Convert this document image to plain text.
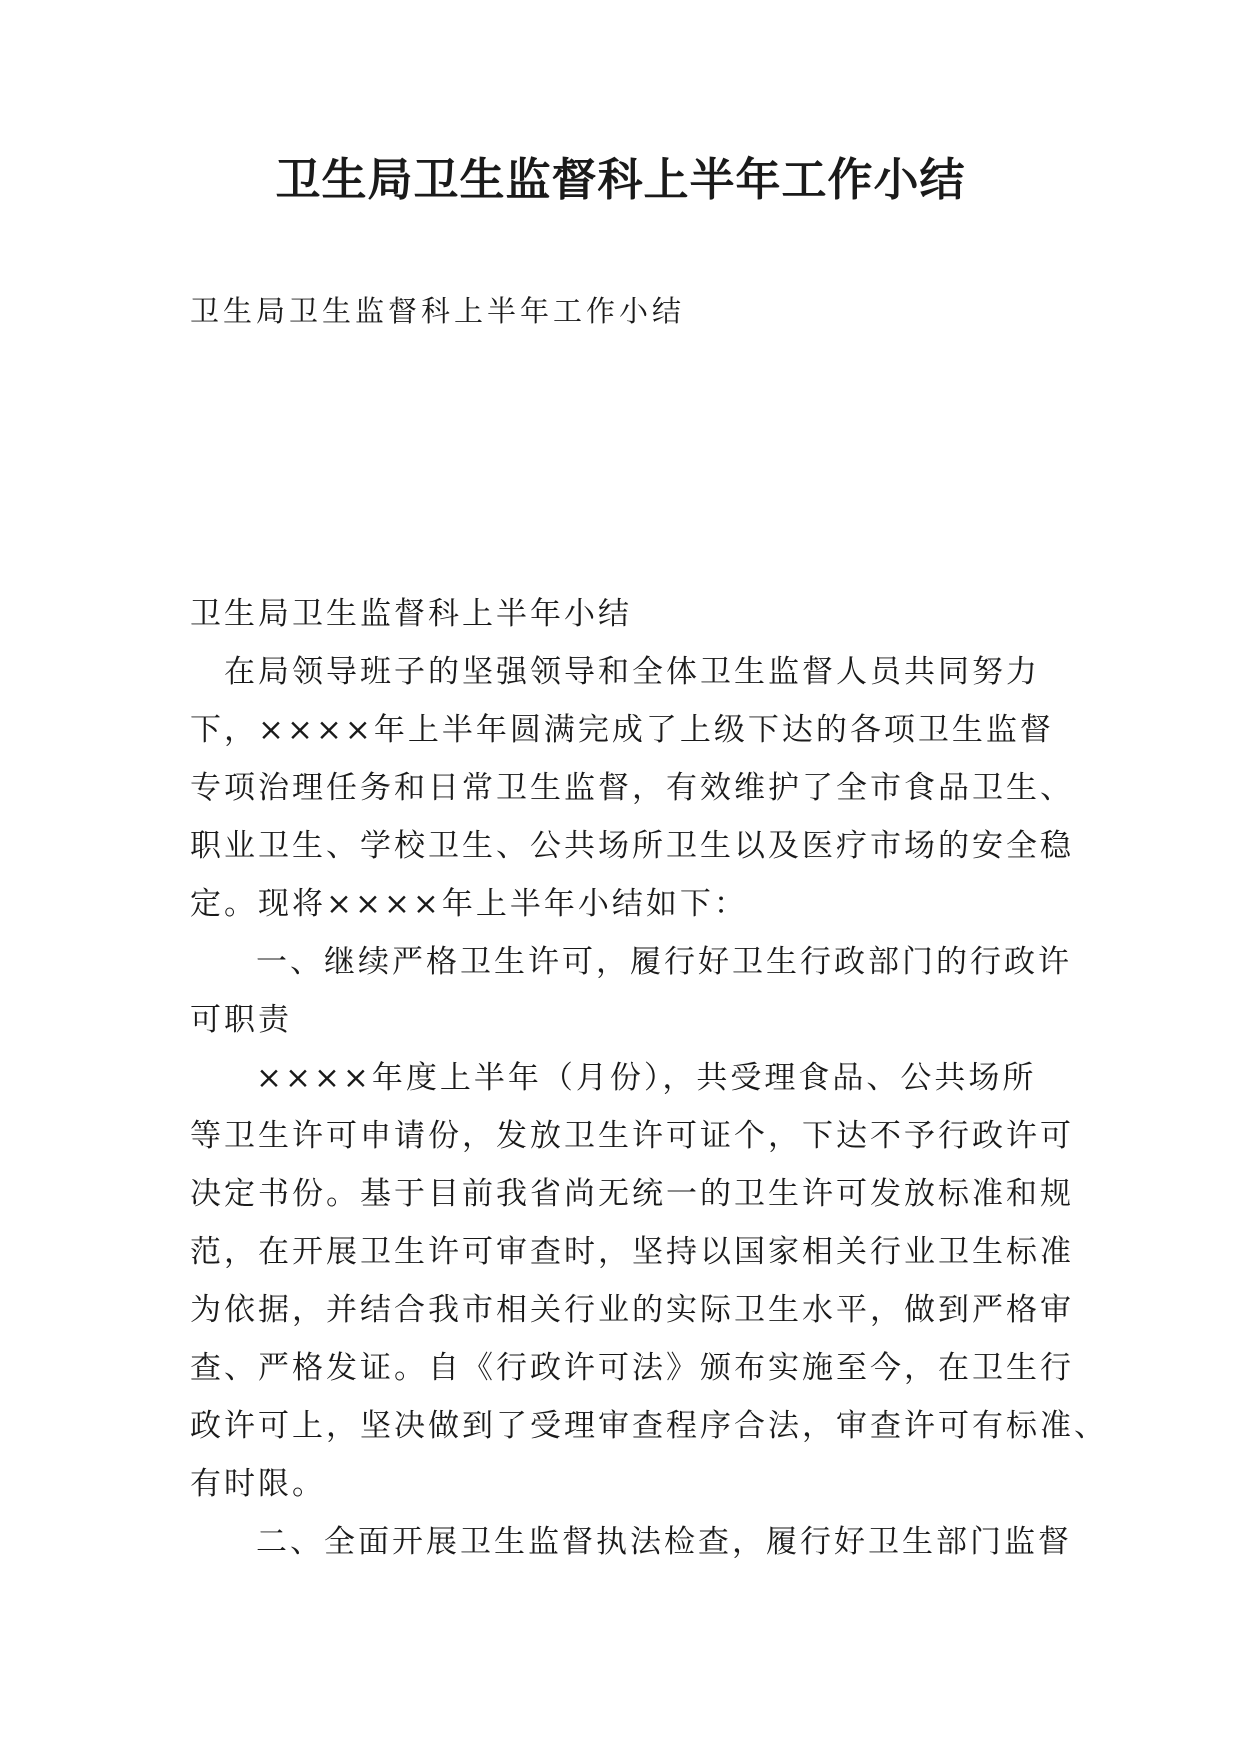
卫生局卫生监督科上半年工作小结

卫生局卫生监督科上半年工作小结

卫生局卫生监督科上半年小结

在局领导班子的坚强领导和全体卫生监督人员共同努力

下，××××年上半年圆满完成了上级下达的各项卫生监督

专项治理任务和日常卫生监督，有效维护了全市食品卫生、

职业卫生、学校卫生、公共场所卫生以及医疗市场的安全稳

定。现将××××年上半年小结如下：

一、继续严格卫生许可，履行好卫生行政部门的行政许

可职责

××××年度上半年（月份），共受理食品、公共场所

等卫生许可申请份，发放卫生许可证个，下达不予行政许可

决定书份。基于目前我省尚无统一的卫生许可发放标准和规

范，在开展卫生许可审查时，坚持以国家相关行业卫生标准

为依据，并结合我市相关行业的实际卫生水平，做到严格审

查、严格发证。自《行政许可法》颁布实施至今，在卫生行

政许可上，坚决做到了受理审查程序合法，审查许可有标准、

有时限。

二、全面开展卫生监督执法检查，履行好卫生部门监督
